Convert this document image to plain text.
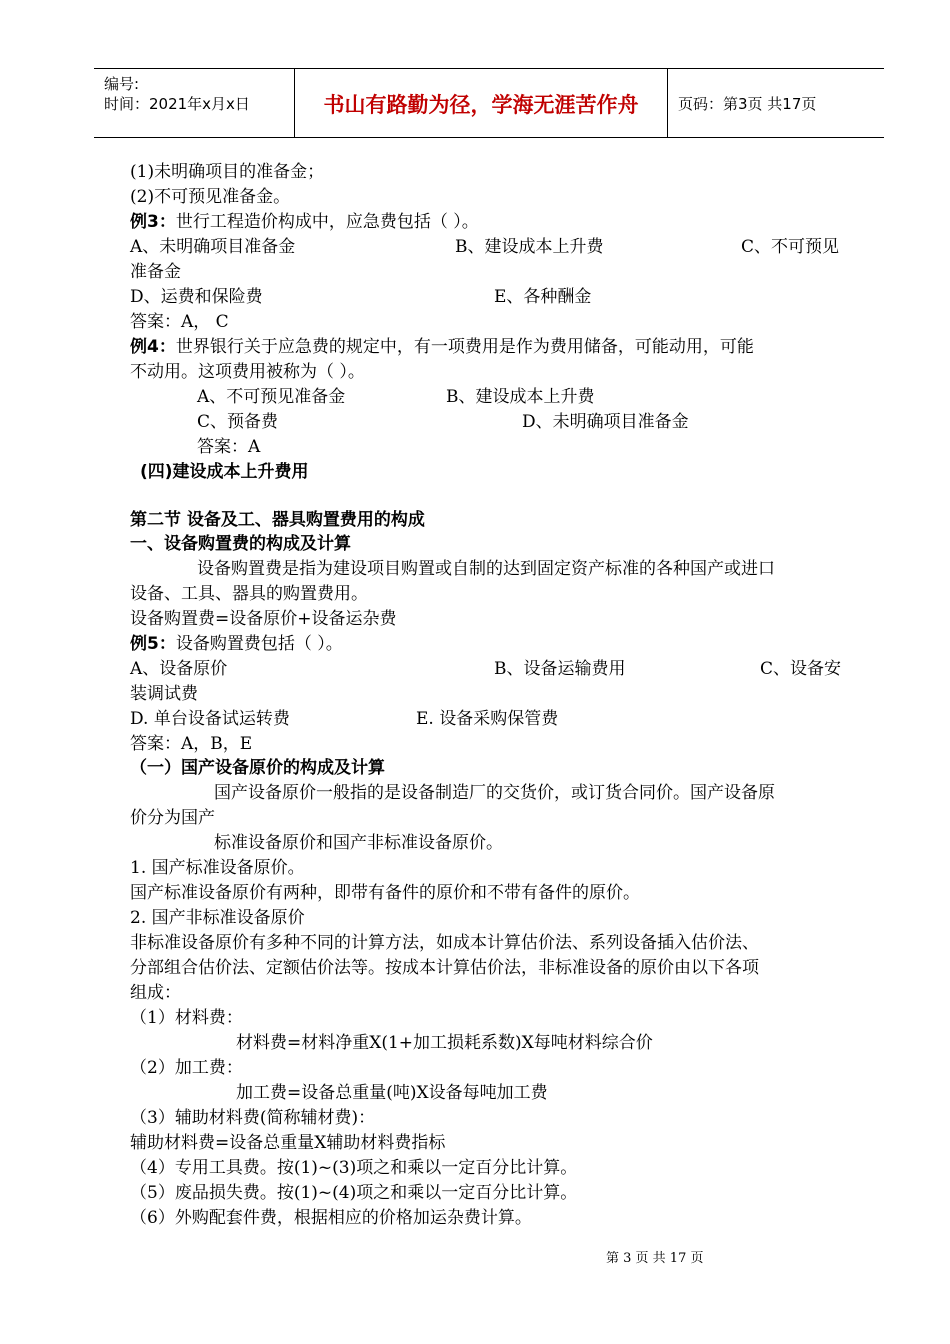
编号:
时间：2021年x月x日	书山有路勤为径，学海无涯苦作舟	页码：第3页 共17页
(1)未明确项目的准备金；
(2)不可预见准备金。
例3：世行工程造价构成中，应急费包括（ ）。
A、未明确项目准备金	B、建设成本上升费	C、不可预见
准备金
D、运费和保险费	E、各种酬金
答案：A， C
例4：世界银行关于应急费的规定中，有一项费用是作为费用储备，可能动用，可能
不动用。这项费用被称为（ ）。
A、不可预见准备金	B、建设成本上升费
C、预备费	D、未明确项目准备金
答案：A
(四)建设成本上升费用
第二节 设备及工、器具购置费用的构成
一、设备购置费的构成及计算
设备购置费是指为建设项目购置或自制的达到固定资产标准的各种国产或进口
设备、工具、器具的购置费用。
设备购置费=设备原价+设备运杂费
例5：设备购置费包括（ ）。
A、设备原价	B、设备运输费用	C、设备安
装调试费
D. 单台设备试运转费	E. 设备采购保管费
答案：A，B，E
（一）国产设备原价的构成及计算
国产设备原价一般指的是设备制造厂的交货价，或订货合同价。国产设备原
价分为国产
标准设备原价和国产非标准设备原价。
1. 国产标准设备原价。
国产标准设备原价有两种，即带有备件的原价和不带有备件的原价。
2. 国产非标准设备原价
非标准设备原价有多种不同的计算方法，如成本计算估价法、系列设备插入估价法、
分部组合估价法、定额估价法等。按成本计算估价法，非标准设备的原价由以下各项
组成：
（1）材料费：
材料费=材料净重X(1+加工损耗系数)X每吨材料综合价
（2）加工费：
加工费=设备总重量(吨)X设备每吨加工费
（3）辅助材料费(简称辅材费)：
辅助材料费=设备总重量X辅助材料费指标
（4）专用工具费。按(1)~(3)项之和乘以一定百分比计算。
（5）废品损失费。按(1)~(4)项之和乘以一定百分比计算。
（6）外购配套件费，根据相应的价格加运杂费计算。
第 3 页 共 17 页
